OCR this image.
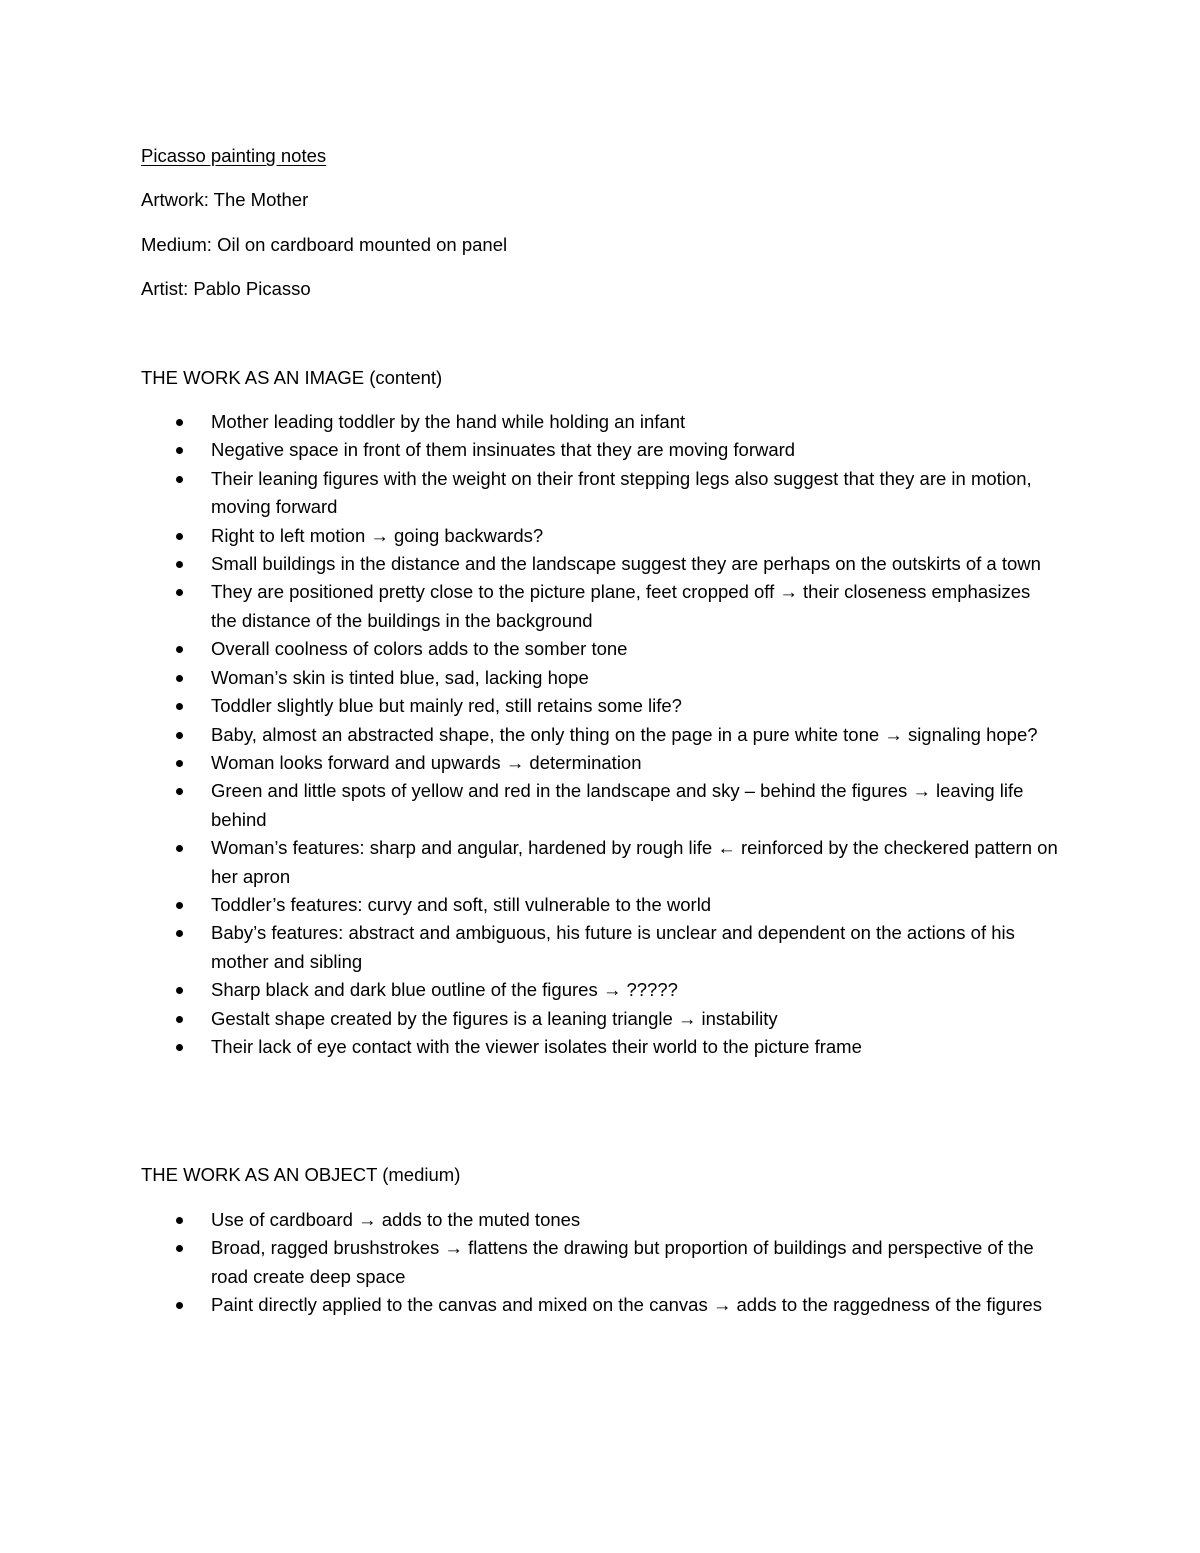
Picasso painting notes
Artwork: The Mother
Medium: Oil on cardboard mounted on panel
Artist: Pablo Picasso
THE WORK AS AN IMAGE (content)
Mother leading toddler by the hand while holding an infant
Negative space in front of them insinuates that they are moving forward
Their leaning figures with the weight on their front stepping legs also suggest that they are in motion, moving forward
Right to left motion → going backwards?
Small buildings in the distance and the landscape suggest they are perhaps on the outskirts of a town
They are positioned pretty close to the picture plane, feet cropped off → their closeness emphasizes the distance of the buildings in the background
Overall coolness of colors adds to the somber tone
Woman’s skin is tinted blue, sad, lacking hope
Toddler slightly blue but mainly red, still retains some life?
Baby, almost an abstracted shape, the only thing on the page in a pure white tone → signaling hope?
Woman looks forward and upwards → determination
Green and little spots of yellow and red in the landscape and sky – behind the figures → leaving life behind
Woman’s features: sharp and angular, hardened by rough life ← reinforced by the checkered pattern on her apron
Toddler’s features: curvy and soft, still vulnerable to the world
Baby’s features: abstract and ambiguous, his future is unclear and dependent on the actions of his mother and sibling
Sharp black and dark blue outline of the figures → ?????
Gestalt shape created by the figures is a leaning triangle → instability
Their lack of eye contact with the viewer isolates their world to the picture frame
THE WORK AS AN OBJECT (medium)
Use of cardboard → adds to the muted tones
Broad, ragged brushstrokes → flattens the drawing but proportion of buildings and perspective of the road create deep space
Paint directly applied to the canvas and mixed on the canvas → adds to the raggedness of the figures
